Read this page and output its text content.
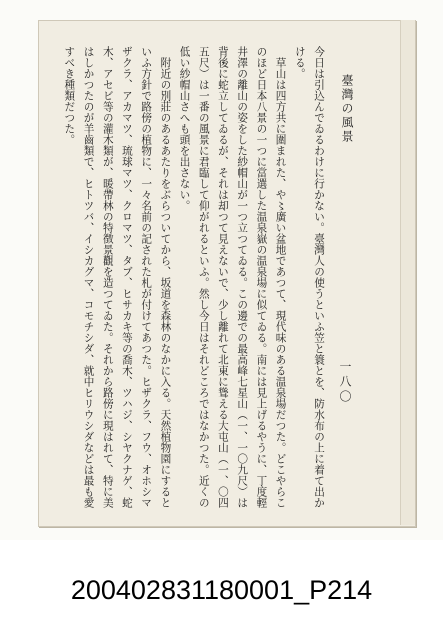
臺灣の風景
一八〇

今日は引込んでゐるわけに行かない。臺灣人の使うといふ笠と簑とを、防水布の上に着て出かける。

草山は四方共に圍まれた、や〻廣い盆地であつて、現代味のある温泉場だつた。どこやらこのほど日本八景の一つに當選した温泉嶽の温泉場に似てゐる。南には見上げるやうに、丁度輕井澤の離山の姿をした紗帽山が一つ立つてゐる。この邊での最高峰七星山（一、一〇九尺）は背後に蛇立してゐるが、それは却つて見えないで、少し離れて北東に聳える大屯山（一、〇四五尺）は一番の風景に君臨して仰がれるといふ。然し今日はそれどころではなかつた。近くの低い紗帽山さへも頭を出さない。

附近の別莊のあるあたりをぶらついてから、坂道を森林のなかに入る。天然植物園にするといふ方針で路傍の植物に、一々名前の記された札が付けてあつた。ヒザクラ、フウ、オホシマザクラ、アカマツ、琉球マツ、クロマツ、タブ、ヒサカキ等の喬木、ツハジ、シヤクナゲ、蛇木、アセビ等の灌木類が、暖帶林の特徴景觀を造つてゐた。それから路傍に現はれて、特に美はしかつたのが羊齒類で、ヒトツバ、イシカグマ、コモチシダ、就中ヒリウシダなどは最も愛すべき種類だつた。

200402831180001_P214
